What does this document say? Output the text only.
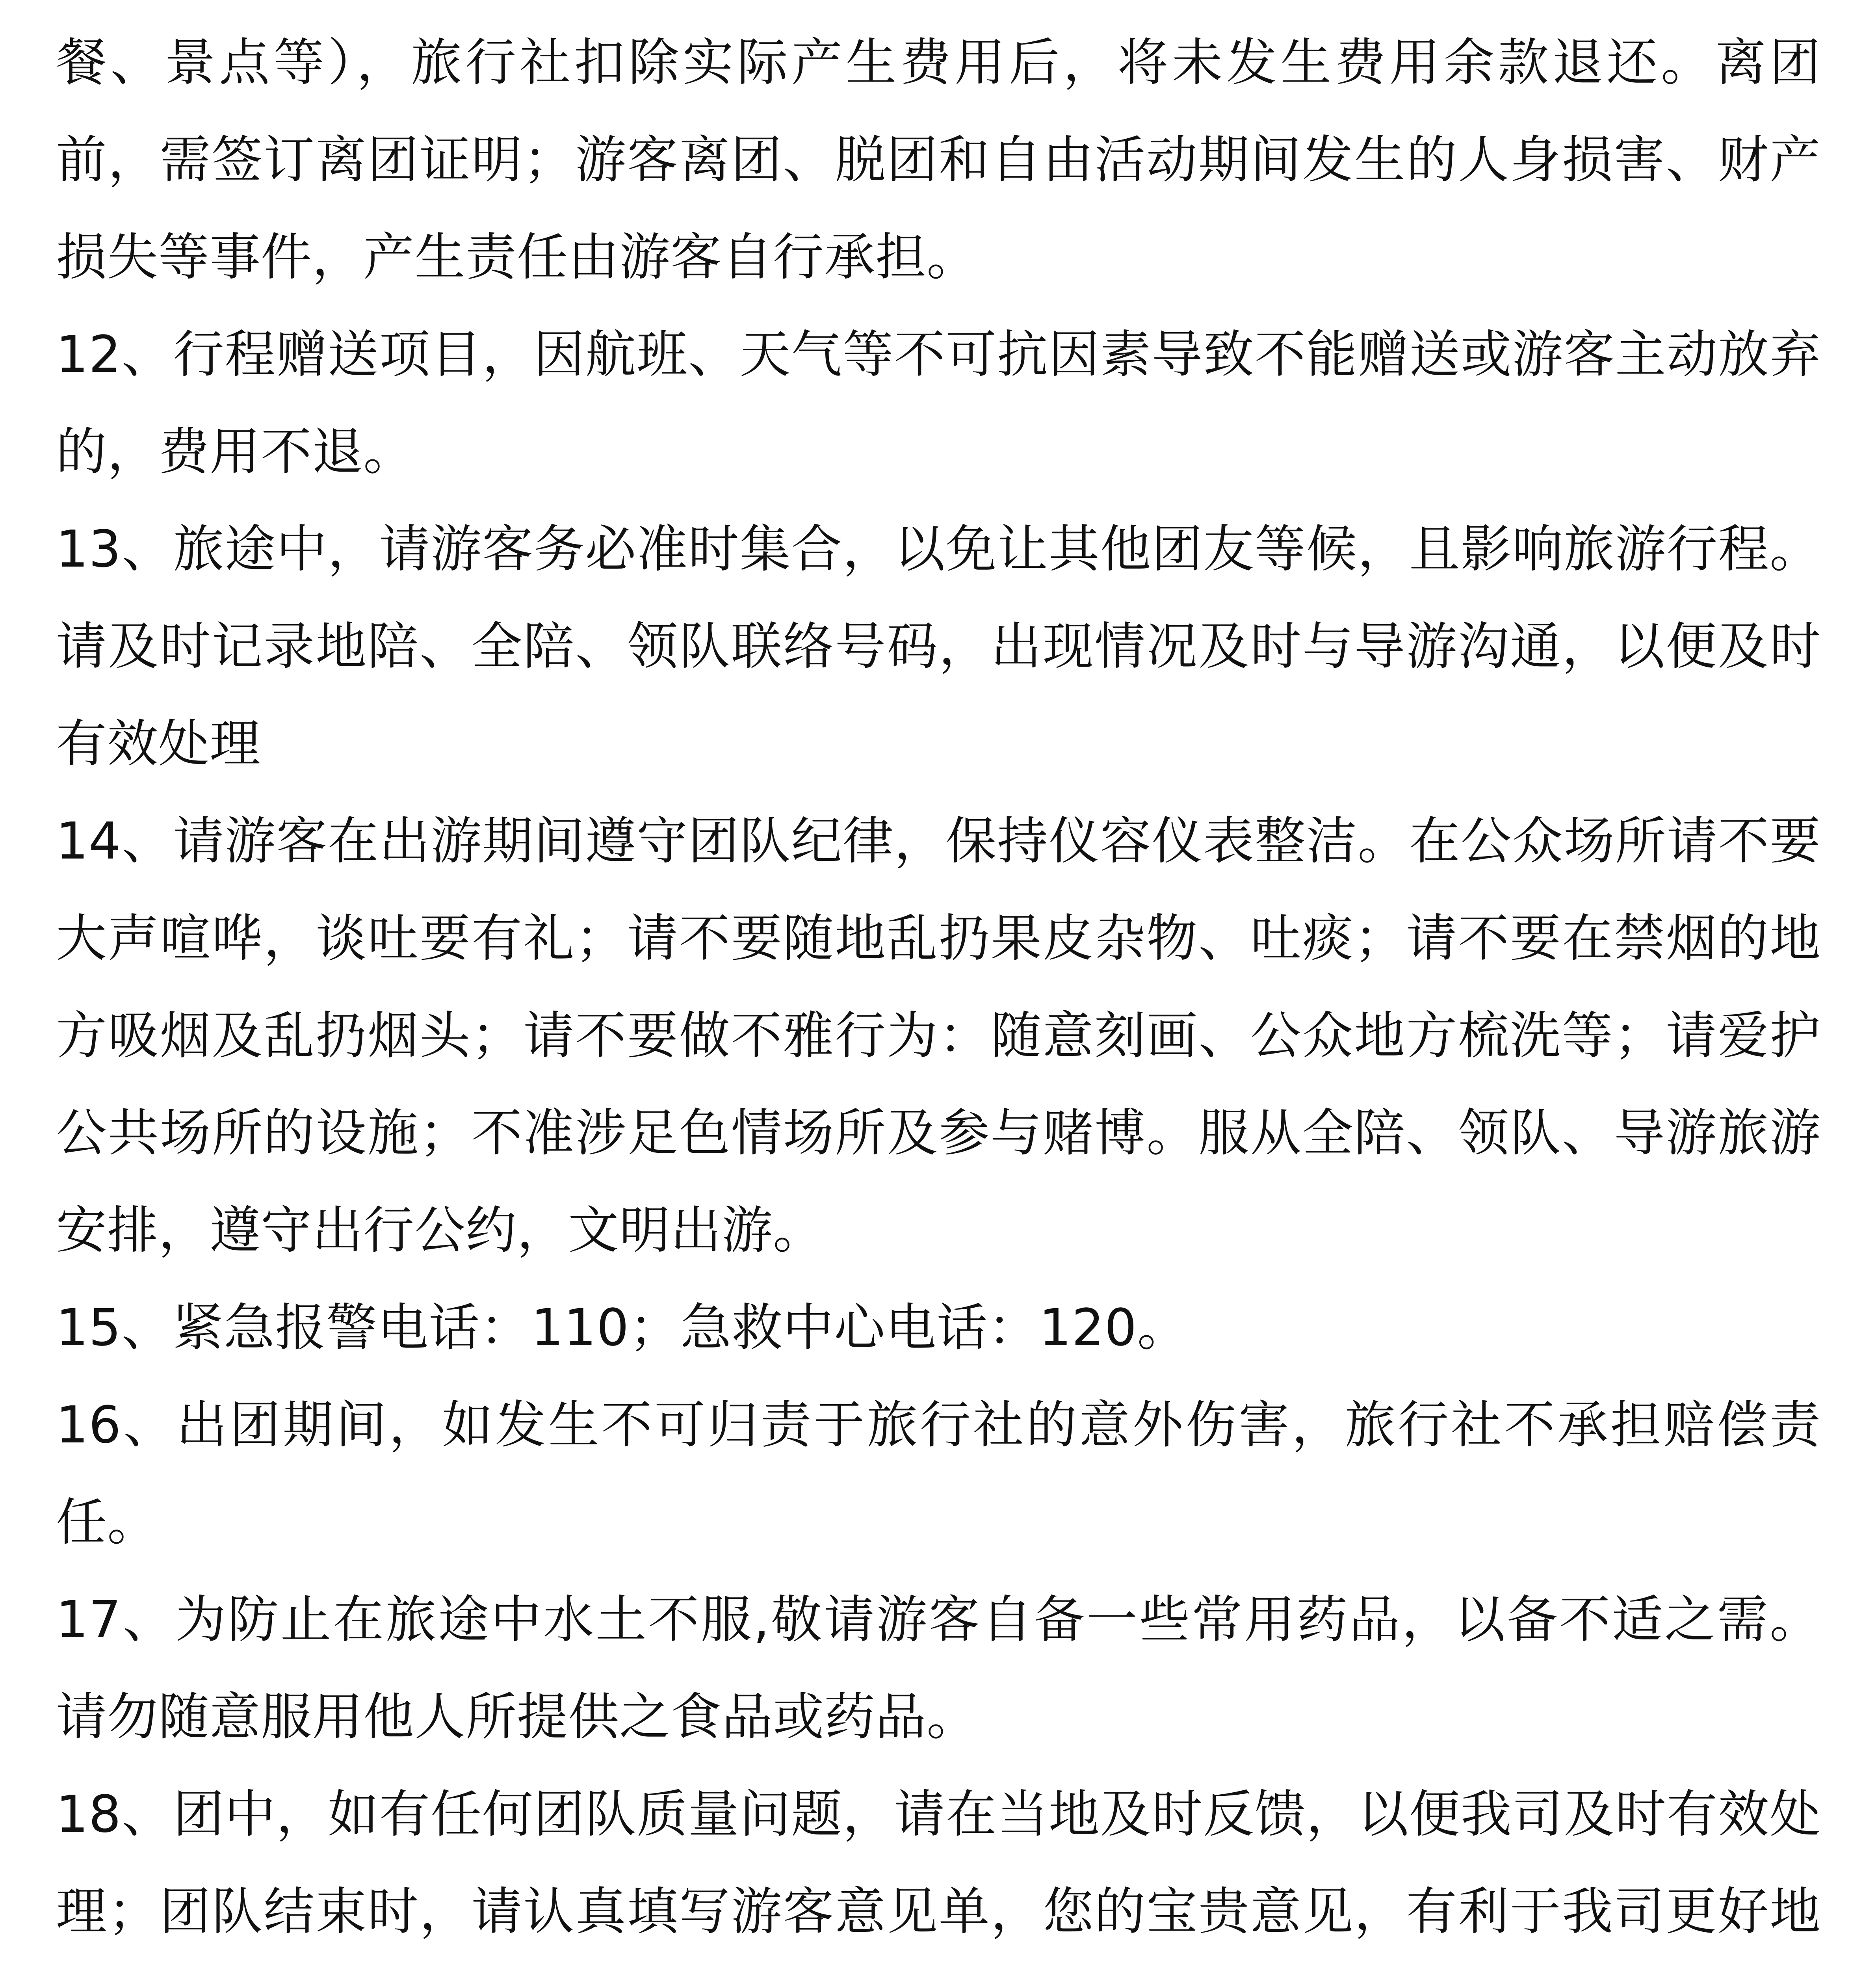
餐、景点等），旅行社扣除实际产生费用后，将未发生费用余款退还。离团前，需签订离团证明；游客离团、脱团和自由活动期间发生的人身损害、财产损失等事件，产生责任由游客自行承担。

12、行程赠送项目，因航班、天气等不可抗因素导致不能赠送或游客主动放弃的，费用不退。

13、旅途中，请游客务必准时集合，以免让其他团友等候，且影响旅游行程。请及时记录地陪、全陪、领队联络号码，出现情况及时与导游沟通，以便及时有效处理

14、请游客在出游期间遵守团队纪律，保持仪容仪表整洁。在公众场所请不要大声喧哗，谈吐要有礼；请不要随地乱扔果皮杂物、吐痰；请不要在禁烟的地方吸烟及乱扔烟头；请不要做不雅行为：随意刻画、公众地方梳洗等；请爱护公共场所的设施；不准涉足色情场所及参与赌博。服从全陪、领队、导游旅游安排，遵守出行公约，文明出游。

15、紧急报警电话：110；急救中心电话：120。

16、出团期间，如发生不可归责于旅行社的意外伤害，旅行社不承担赔偿责任。

17、为防止在旅途中水土不服,敬请游客自备一些常用药品，以备不适之需。请勿随意服用他人所提供之食品或药品。

18、团中，如有任何团队质量问题，请在当地及时反馈，以便我司及时有效处理；团队结束时，请认真填写游客意见单，您的宝贵意见，有利于我司更好地
